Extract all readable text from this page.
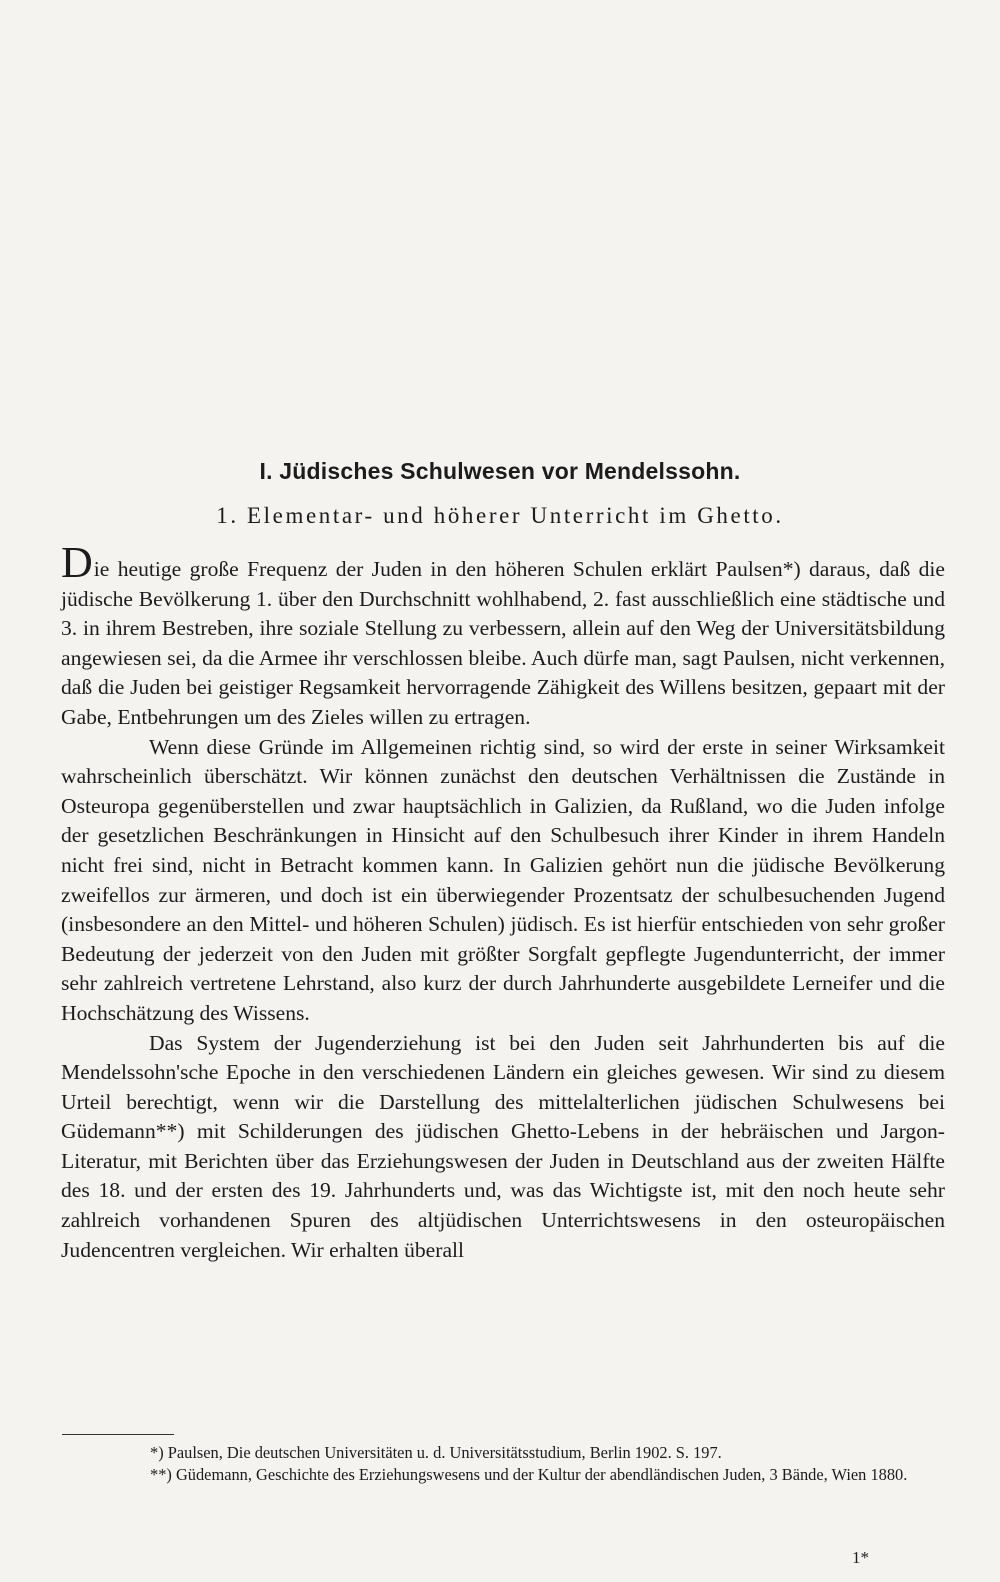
I. Jüdisches Schulwesen vor Mendelssohn.
1. Elementar- und höherer Unterricht im Ghetto.

Die heutige große Frequenz der Juden in den höheren Schulen erklärt Paulsen*) daraus, daß die jüdische Bevölkerung 1. über den Durchschnitt wohlhabend, 2. fast ausschließlich eine städtische und 3. in ihrem Bestreben, ihre soziale Stellung zu verbessern, allein auf den Weg der Universitätsbildung angewiesen sei, da die Armee ihr verschlossen bleibe. Auch dürfe man, sagt Paulsen, nicht verkennen, daß die Juden bei geistiger Regsamkeit hervorragende Zähigkeit des Willens besitzen, gepaart mit der Gabe, Entbehrungen um des Zieles willen zu ertragen.

Wenn diese Gründe im Allgemeinen richtig sind, so wird der erste in seiner Wirksamkeit wahrscheinlich überschätzt. Wir können zunächst den deutschen Verhältnissen die Zustände in Osteuropa gegenüberstellen und zwar hauptsächlich in Galizien, da Rußland, wo die Juden infolge der gesetzlichen Beschränkungen in Hinsicht auf den Schulbesuch ihrer Kinder in ihrem Handeln nicht frei sind, nicht in Betracht kommen kann. In Galizien gehört nun die jüdische Bevölkerung zweifellos zur ärmeren, und doch ist ein überwiegender Prozentsatz der schulbesuchenden Jugend (insbesondere an den Mittel- und höheren Schulen) jüdisch. Es ist hierfür entschieden von sehr großer Bedeutung der jederzeit von den Juden mit größter Sorgfalt gepflegte Jugendunterricht, der immer sehr zahlreich vertretene Lehrstand, also kurz der durch Jahrhunderte ausgebildete Lerneifer und die Hochschätzung des Wissens.

Das System der Jugenderziehung ist bei den Juden seit Jahrhunderten bis auf die Mendelssohn'sche Epoche in den verschiedenen Ländern ein gleiches gewesen. Wir sind zu diesem Urteil berechtigt, wenn wir die Darstellung des mittelalterlichen jüdischen Schulwesens bei Güdemann**) mit Schilderungen des jüdischen Ghetto-Lebens in der hebräischen und Jargon-Literatur, mit Berichten über das Erziehungswesen der Juden in Deutschland aus der zweiten Hälfte des 18. und der ersten des 19. Jahrhunderts und, was das Wichtigste ist, mit den noch heute sehr zahlreich vorhandenen Spuren des altjüdischen Unterrichtswesens in den osteuropäischen Judencentren vergleichen. Wir erhalten überall

*) Paulsen, Die deutschen Universitäten u. d. Universitätsstudium, Berlin 1902. S. 197.

**) Güdemann, Geschichte des Erziehungswesens und der Kultur der abendländischen Juden, 3 Bände, Wien 1880.

1*
